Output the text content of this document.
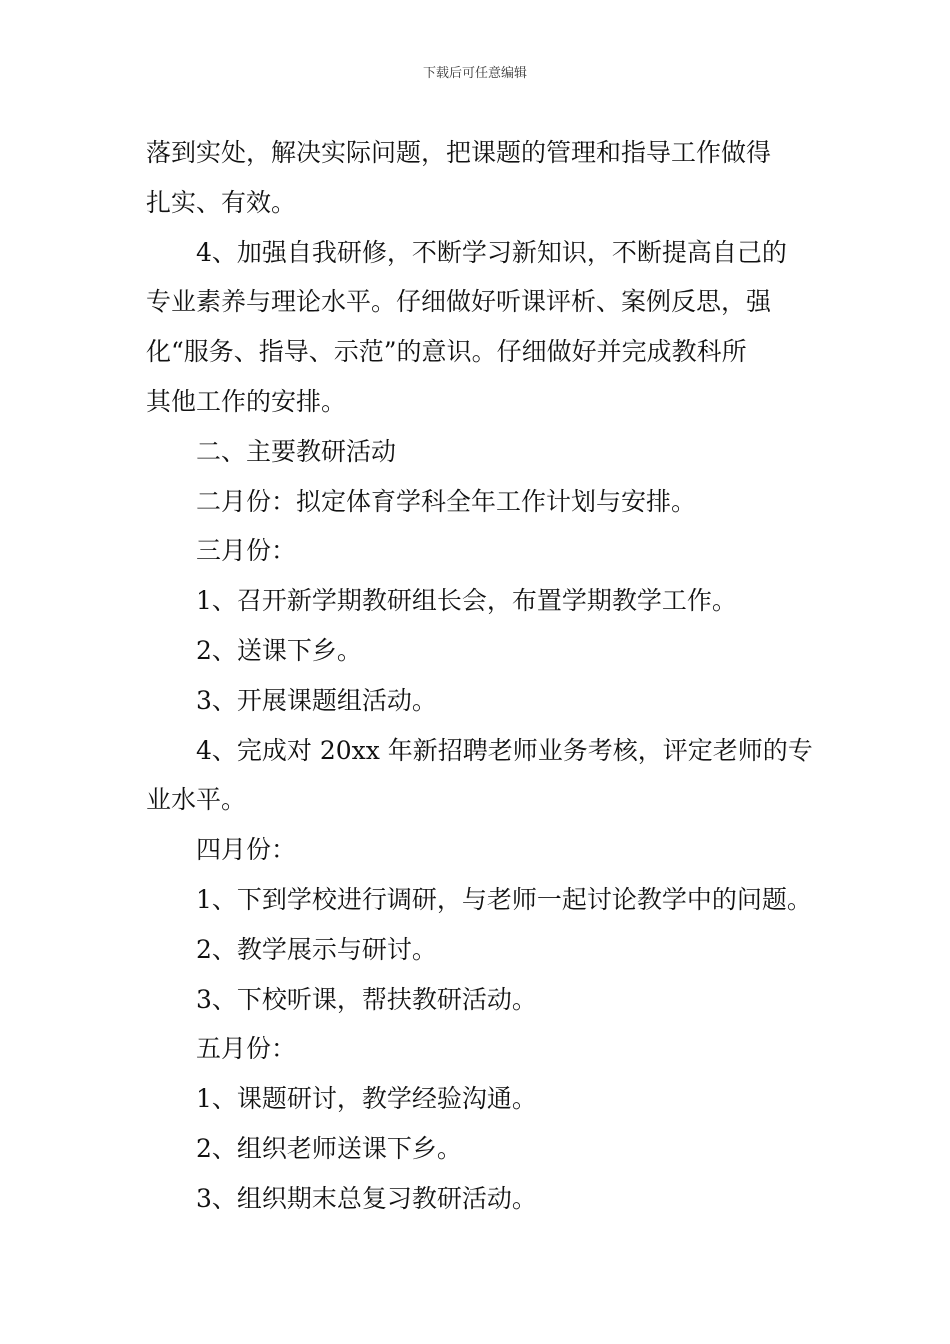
下载后可任意编辑
落到实处，解决实际问题，把课题的管理和指导工作做得
扎实、有效。
4、加强自我研修，不断学习新知识，不断提高自己的
专业素养与理论水平。仔细做好听课评析、案例反思，强
化“服务、指导、示范”的意识。仔细做好并完成教科所
其他工作的安排。
二、主要教研活动
二月份：拟定体育学科全年工作计划与安排。
三月份：
1、召开新学期教研组长会，布置学期教学工作。
2、送课下乡。
3、开展课题组活动。
4、完成对 20xx 年新招聘老师业务考核，评定老师的专
业水平。
四月份：
1、下到学校进行调研，与老师一起讨论教学中的问题。
2、教学展示与研讨。
3、下校听课，帮扶教研活动。
五月份：
1、课题研讨，教学经验沟通。
2、组织老师送课下乡。
3、组织期末总复习教研活动。
